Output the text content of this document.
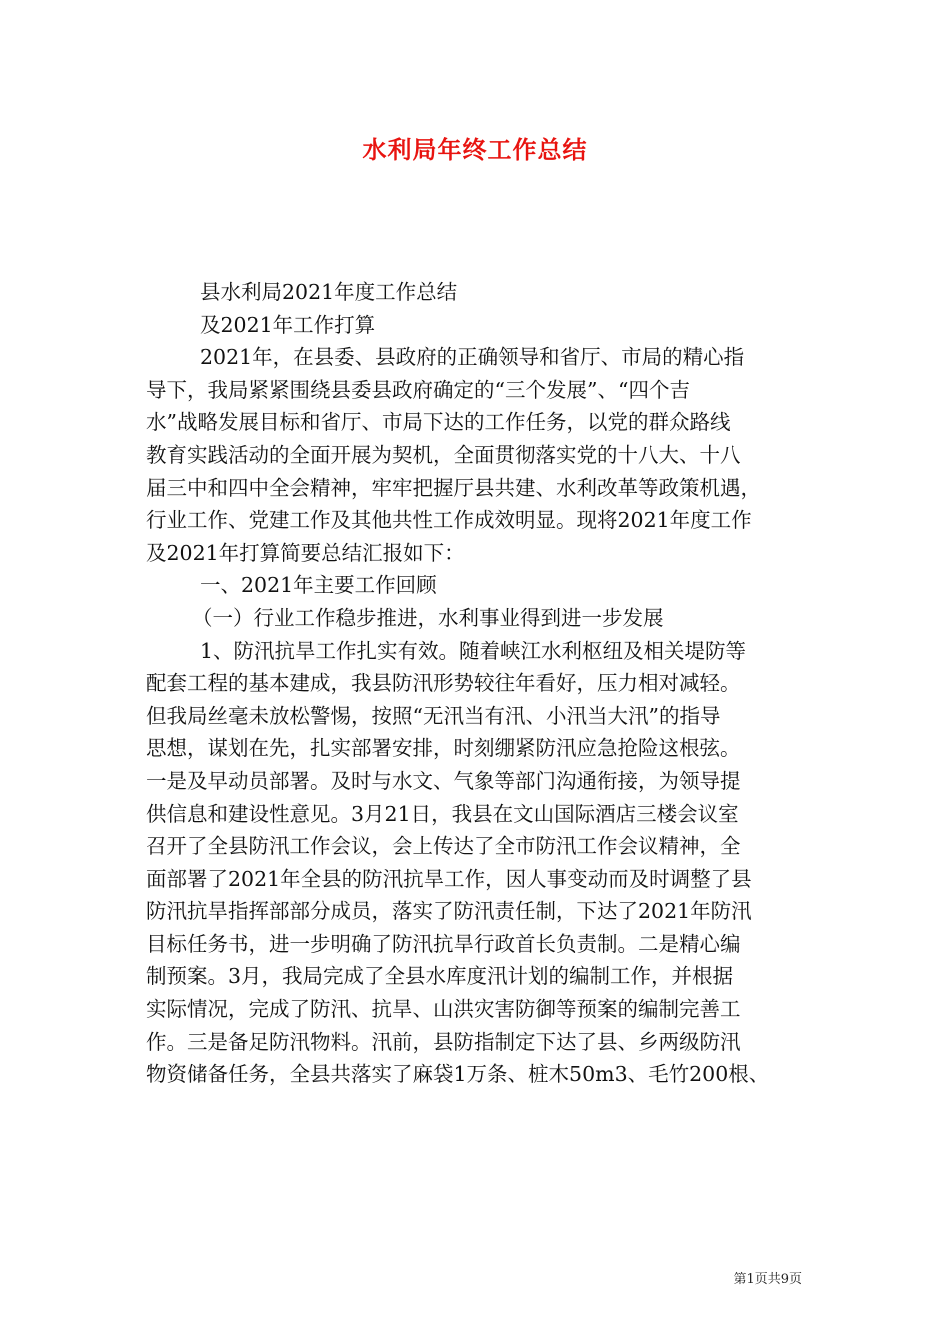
水利局年终工作总结
县水利局2021年度工作总结
及2021年工作打算
2021年，在县委、县政府的正确领导和省厅、市局的精心指
导下，我局紧紧围绕县委县政府确定的“三个发展”、“四个吉
水”战略发展目标和省厅、市局下达的工作任务，以党的群众路线
教育实践活动的全面开展为契机，全面贯彻落实党的十八大、十八
届三中和四中全会精神，牢牢把握厅县共建、水利改革等政策机遇，
行业工作、党建工作及其他共性工作成效明显。现将2021年度工作
及2021年打算简要总结汇报如下：
一、2021年主要工作回顾
（一）行业工作稳步推进，水利事业得到进一步发展
1、防汛抗旱工作扎实有效。随着峡江水利枢纽及相关堤防等
配套工程的基本建成，我县防汛形势较往年看好，压力相对减轻。
但我局丝毫未放松警惕，按照“无汛当有汛、小汛当大汛”的指导
思想，谋划在先，扎实部署安排，时刻绷紧防汛应急抢险这根弦。
一是及早动员部署。及时与水文、气象等部门沟通衔接，为领导提
供信息和建设性意见。3月21日，我县在文山国际酒店三楼会议室
召开了全县防汛工作会议，会上传达了全市防汛工作会议精神，全
面部署了2021年全县的防汛抗旱工作，因人事变动而及时调整了县
防汛抗旱指挥部部分成员，落实了防汛责任制，下达了2021年防汛
目标任务书，进一步明确了防汛抗旱行政首长负责制。二是精心编
制预案。3月，我局完成了全县水库度汛计划的编制工作，并根据
实际情况，完成了防汛、抗旱、山洪灾害防御等预案的编制完善工
作。三是备足防汛物料。汛前，县防指制定下达了县、乡两级防汛
物资储备任务，全县共落实了麻袋1万条、桩木50m3、毛竹200根、
第1页共9页
